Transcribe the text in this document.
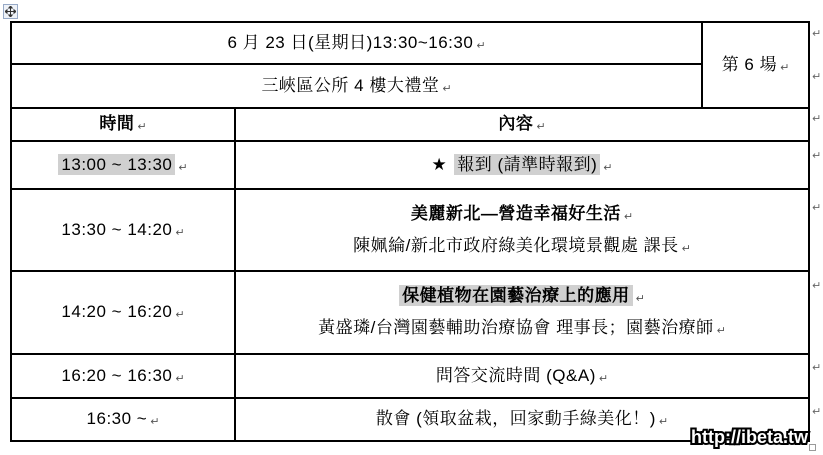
6 月 23 日(星期日)13:30~16:30 ↵		第 6 場 ↵
三峽區公所 4 樓大禮堂 ↵		
時間 ↵	內容 ↵	
13:00 ~ 13:30 ↵	★ 報到 (請準時報到) ↵	
13:30 ~ 14:20 ↵	美麗新北—營造幸福好生活 ↵
陳姵綸/新北市政府綠美化環境景觀處 課長 ↵	

14:20 ~ 16:20 ↵	保健植物在園藝治療上的應用 ↵
黃盛璘/台灣園藝輔助治療協會 理事長；園藝治療師 ↵	

16:20 ~ 16:30 ↵	問答交流時間 (Q&A) ↵	
16:30 ~ ↵	散會 (領取盆栽，回家動手綠美化！) ↵	
↵
↵
↵
↵
↵
↵
↵
↵
http://ibeta.tw
